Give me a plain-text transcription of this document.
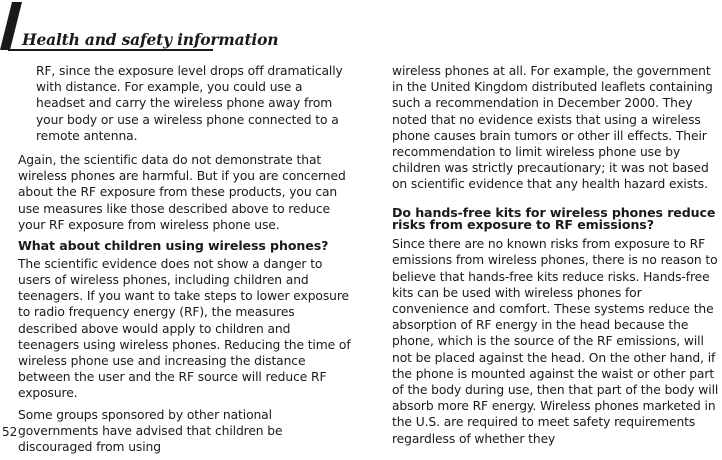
Health and safety information

RF, since the exposure level drops off dramatically with distance. For example, you could use a headset and carry the wireless phone away from your body or use a wireless phone connected to a remote antenna.

Again, the scientific data do not demonstrate that wireless phones are harmful. But if you are concerned about the RF exposure from these products, you can use measures like those described above to reduce your RF exposure from wireless phone use.

What about children using wireless phones?

The scientific evidence does not show a danger to users of wireless phones, including children and teenagers. If you want to take steps to lower exposure to radio frequency energy (RF), the measures described above would apply to children and teenagers using wireless phones. Reducing the time of wireless phone use and increasing the distance between the user and the RF source will reduce RF exposure.

Some groups sponsored by other national governments have advised that children be discouraged from using

wireless phones at all. For example, the government in the United Kingdom distributed leaflets containing such a recommendation in December 2000. They noted that no evidence exists that using a wireless phone causes brain tumors or other ill effects. Their recommendation to limit wireless phone use by children was strictly precautionary; it was not based on scientific evidence that any health hazard exists.

Do hands-free kits for wireless phones reduce risks from exposure to RF emissions?

Since there are no known risks from exposure to RF emissions from wireless phones, there is no reason to believe that hands-free kits reduce risks. Hands-free kits can be used with wireless phones for convenience and comfort. These systems reduce the absorption of RF energy in the head because the phone, which is the source of the RF emissions, will not be placed against the head. On the other hand, if the phone is mounted against the waist or other part of the body during use, then that part of the body will absorb more RF energy. Wireless phones marketed in the U.S. are required to meet safety requirements regardless of whether they

52
